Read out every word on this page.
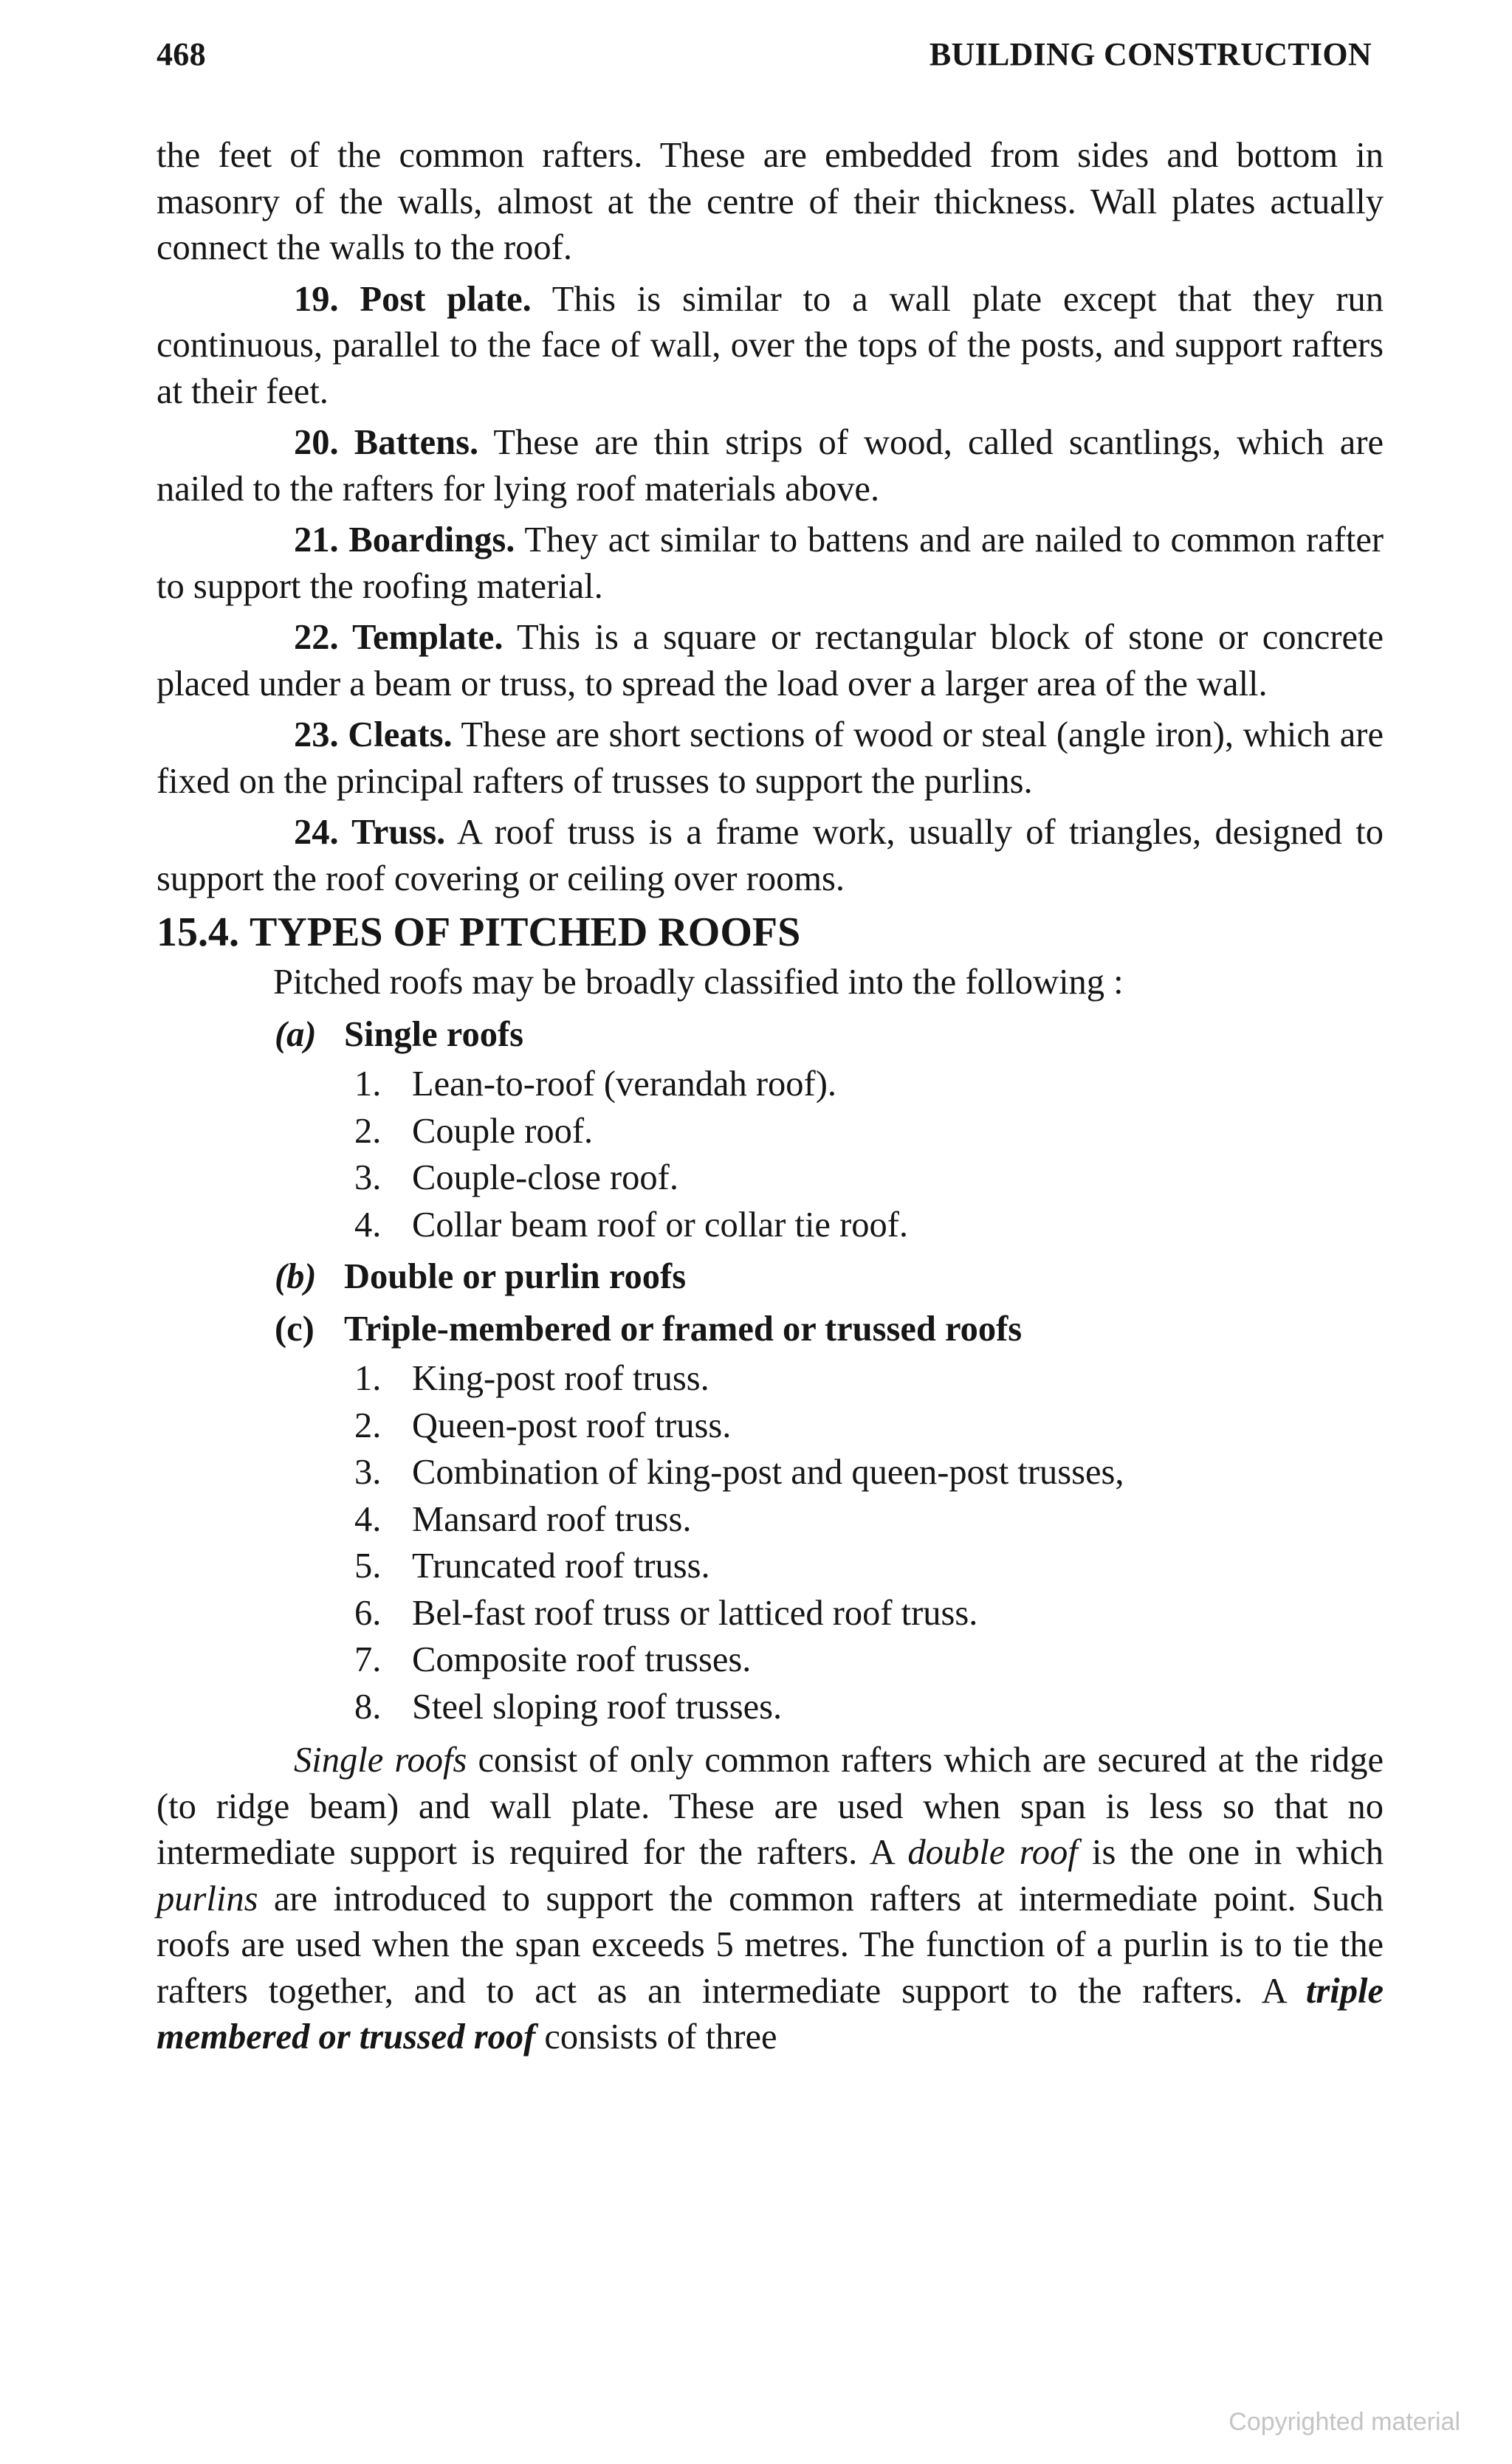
468	BUILDING CONSTRUCTION

the feet of the common rafters. These are embedded from sides and bottom in masonry of the walls, almost at the centre of their thickness. Wall plates actually connect the walls to the roof.

19. Post plate. This is similar to a wall plate except that they run continuous, parallel to the face of wall, over the tops of the posts, and support rafters at their feet.

20. Battens. These are thin strips of wood, called scantlings, which are nailed to the rafters for lying roof materials above.

21. Boardings. They act similar to battens and are nailed to common rafter to support the roofing material.

22. Template. This is a square or rectangular block of stone or concrete placed under a beam or truss, to spread the load over a larger area of the wall.

23. Cleats. These are short sections of wood or steal (angle iron), which are fixed on the principal rafters of trusses to support the purlins.

24. Truss. A roof truss is a frame work, usually of triangles, designed to support the roof covering or ceiling over rooms.

15.4. TYPES OF PITCHED ROOFS

Pitched roofs may be broadly classified into the following :

(a) Single roofs
1. Lean-to-roof (verandah roof).
2. Couple roof.
3. Couple-close roof.
4. Collar beam roof or collar tie roof.
(b) Double or purlin roofs
(c) Triple-membered or framed or trussed roofs
1. King-post roof truss.
2. Queen-post roof truss.
3. Combination of king-post and queen-post trusses,
4. Mansard roof truss.
5. Truncated roof truss.
6. Bel-fast roof truss or latticed roof truss.
7. Composite roof trusses.
8. Steel sloping roof trusses.

Single roofs consist of only common rafters which are secured at the ridge (to ridge beam) and wall plate. These are used when span is less so that no intermediate support is required for the rafters. A double roof is the one in which purlins are introduced to support the common rafters at intermediate point. Such roofs are used when the span exceeds 5 metres. The function of a purlin is to tie the rafters together, and to act as an intermediate support to the rafters. A triple membered or trussed roof consists of three

Copyrighted material
